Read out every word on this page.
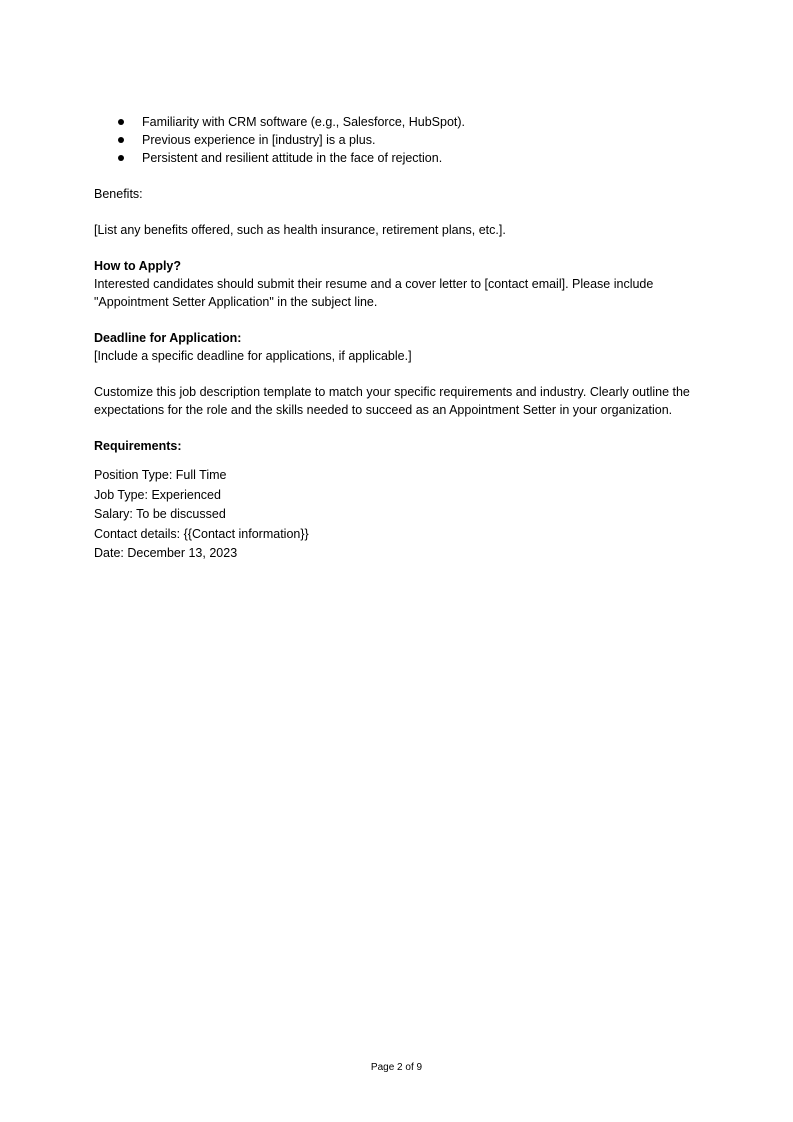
Familiarity with CRM software (e.g., Salesforce, HubSpot).
Previous experience in [industry] is a plus.
Persistent and resilient attitude in the face of rejection.

Benefits:

[List any benefits offered, such as health insurance, retirement plans, etc.].

How to Apply?

Interested candidates should submit their resume and a cover letter to [contact email]. Please include "Appointment Setter Application" in the subject line.

Deadline for Application:

[Include a specific deadline for applications, if applicable.]

Customize this job description template to match your specific requirements and industry. Clearly outline the expectations for the role and the skills needed to succeed as an Appointment Setter in your organization.

Requirements:

Position Type: Full Time

Job Type: Experienced

Salary: To be discussed

Contact details: {{Contact information}}

Date: December 13, 2023

Page 2 of 9
